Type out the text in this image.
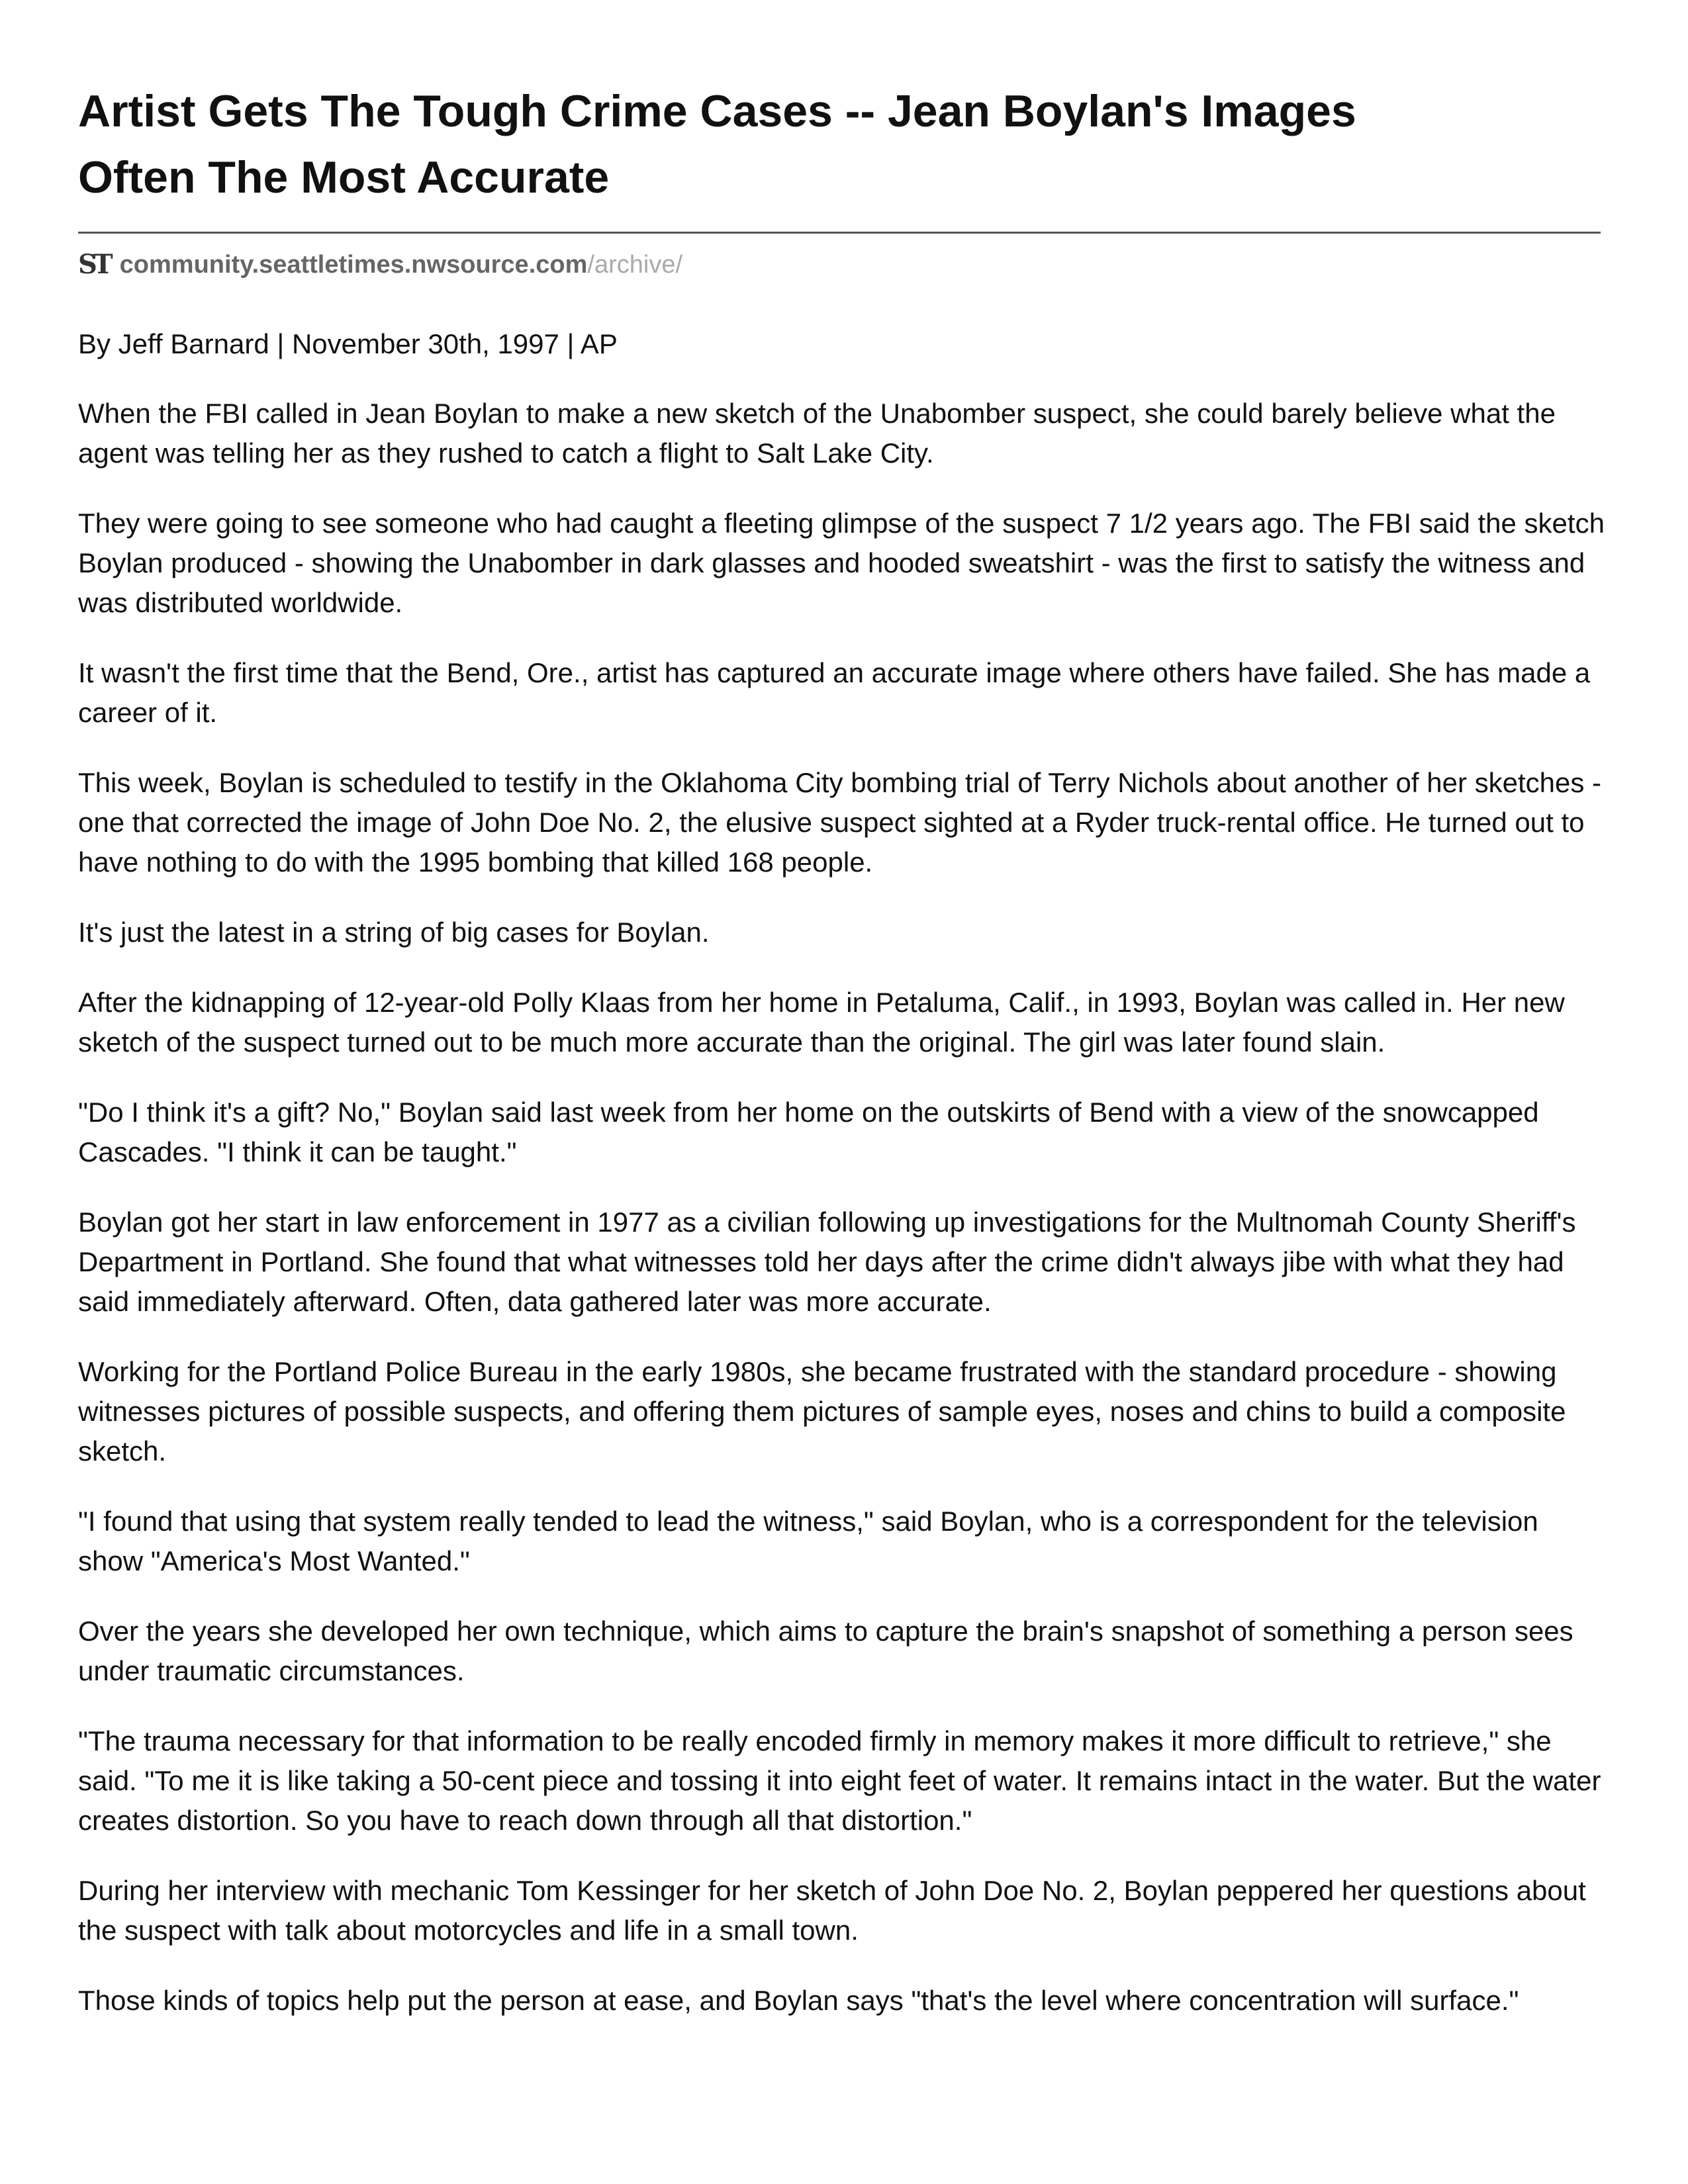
Artist Gets The Tough Crime Cases -- Jean Boylan's Images
Often The Most Accurate
ST community.seattletimes.nwsource.com /archive/
By Jeff Barnard | November 30th, 1997 | AP

When the FBI called in Jean Boylan to make a new sketch of the Unabomber suspect, she could barely believe what the agent was telling her as they rushed to catch a flight to Salt Lake City.

They were going to see someone who had caught a fleeting glimpse of the suspect 7 1/2 years ago. The FBI said the sketch Boylan produced - showing the Unabomber in dark glasses and hooded sweatshirt - was the first to satisfy the witness and was distributed worldwide.

It wasn't the first time that the Bend, Ore., artist has captured an accurate image where others have failed. She has made a career of it.

This week, Boylan is scheduled to testify in the Oklahoma City bombing trial of Terry Nichols about another of her sketches - one that corrected the image of John Doe No. 2, the elusive suspect sighted at a Ryder truck-rental office. He turned out to have nothing to do with the 1995 bombing that killed 168 people.

It's just the latest in a string of big cases for Boylan.

After the kidnapping of 12-year-old Polly Klaas from her home in Petaluma, Calif., in 1993, Boylan was called in. Her new sketch of the suspect turned out to be much more accurate than the original. The girl was later found slain.

"Do I think it's a gift? No," Boylan said last week from her home on the outskirts of Bend with a view of the snowcapped Cascades. "I think it can be taught."

Boylan got her start in law enforcement in 1977 as a civilian following up investigations for the Multnomah County Sheriff's Department in Portland. She found that what witnesses told her days after the crime didn't always jibe with what they had said immediately afterward. Often, data gathered later was more accurate.

Working for the Portland Police Bureau in the early 1980s, she became frustrated with the standard procedure - showing witnesses pictures of possible suspects, and offering them pictures of sample eyes, noses and chins to build a composite sketch.

"I found that using that system really tended to lead the witness," said Boylan, who is a correspondent for the television show "America's Most Wanted."

Over the years she developed her own technique, which aims to capture the brain's snapshot of something a person sees under traumatic circumstances.

"The trauma necessary for that information to be really encoded firmly in memory makes it more difficult to retrieve," she said. "To me it is like taking a 50-cent piece and tossing it into eight feet of water. It remains intact in the water. But the water creates distortion. So you have to reach down through all that distortion."

During her interview with mechanic Tom Kessinger for her sketch of John Doe No. 2, Boylan peppered her questions about the suspect with talk about motorcycles and life in a small town.

Those kinds of topics help put the person at ease, and Boylan says "that's the level where concentration will surface."
